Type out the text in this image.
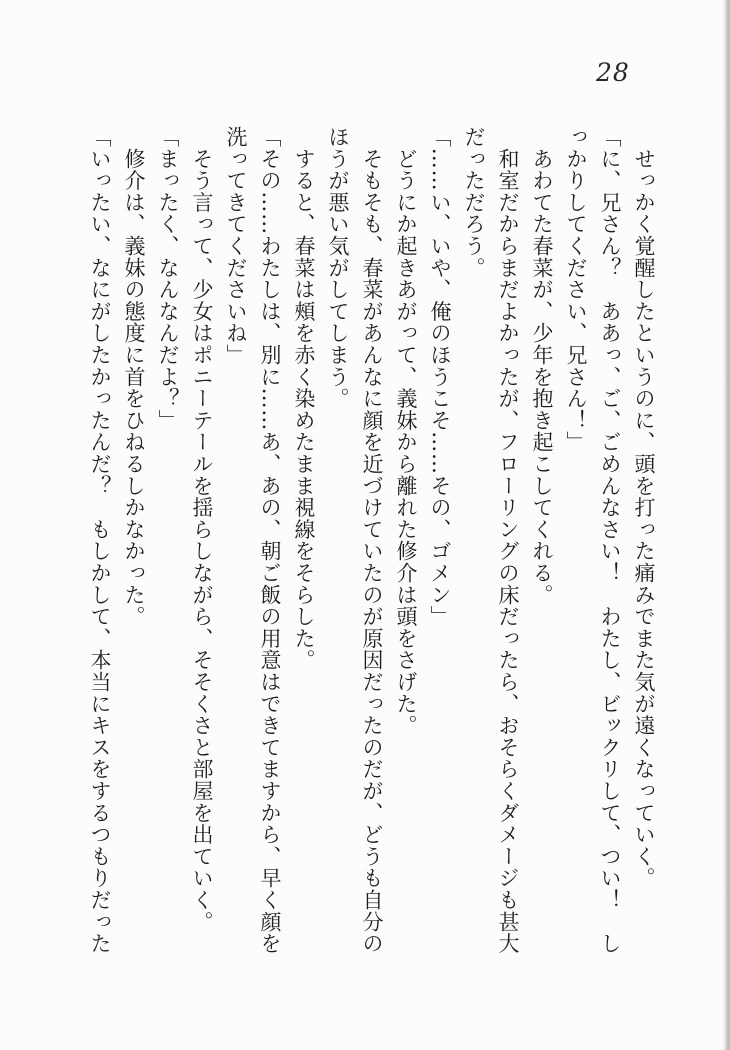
28

　せっかく覚醒したというのに、頭を打った痛みでまた気が遠くなっていく。

「に、兄さん？　ああっ、ご、ごめんなさい！　わたし、ビックリして、つい！　し

っかりしてください、兄さん！」

　あわてた春菜が、少年を抱き起こしてくれる。

　和室だからまだよかったが、フローリングの床だったら、おそらくダメージも甚大

だっただろう。

「……い、いや、俺のほうこそ……その、ゴメン」

　どうにか起きあがって、義妹から離れた修介は頭をさげた。

　そもそも、春菜があんなに顔を近づけていたのが原因だったのだが、どうも自分の

ほうが悪い気がしてしまう。

　すると、春菜は頰を赤く染めたまま視線をそらした。

「その……わたしは、別に……あ、あの、朝ご飯の用意はできてますから、早く顔を

洗ってきてくださいね」

　そう言って、少女はポニーテールを揺らしながら、そそくさと部屋を出ていく。

「まったく、なんなんだよ？」

　修介は、義妹の態度に首をひねるしかなかった。

「いったい、なにがしたかったんだ？　もしかして、本当にキスをするつもりだった
